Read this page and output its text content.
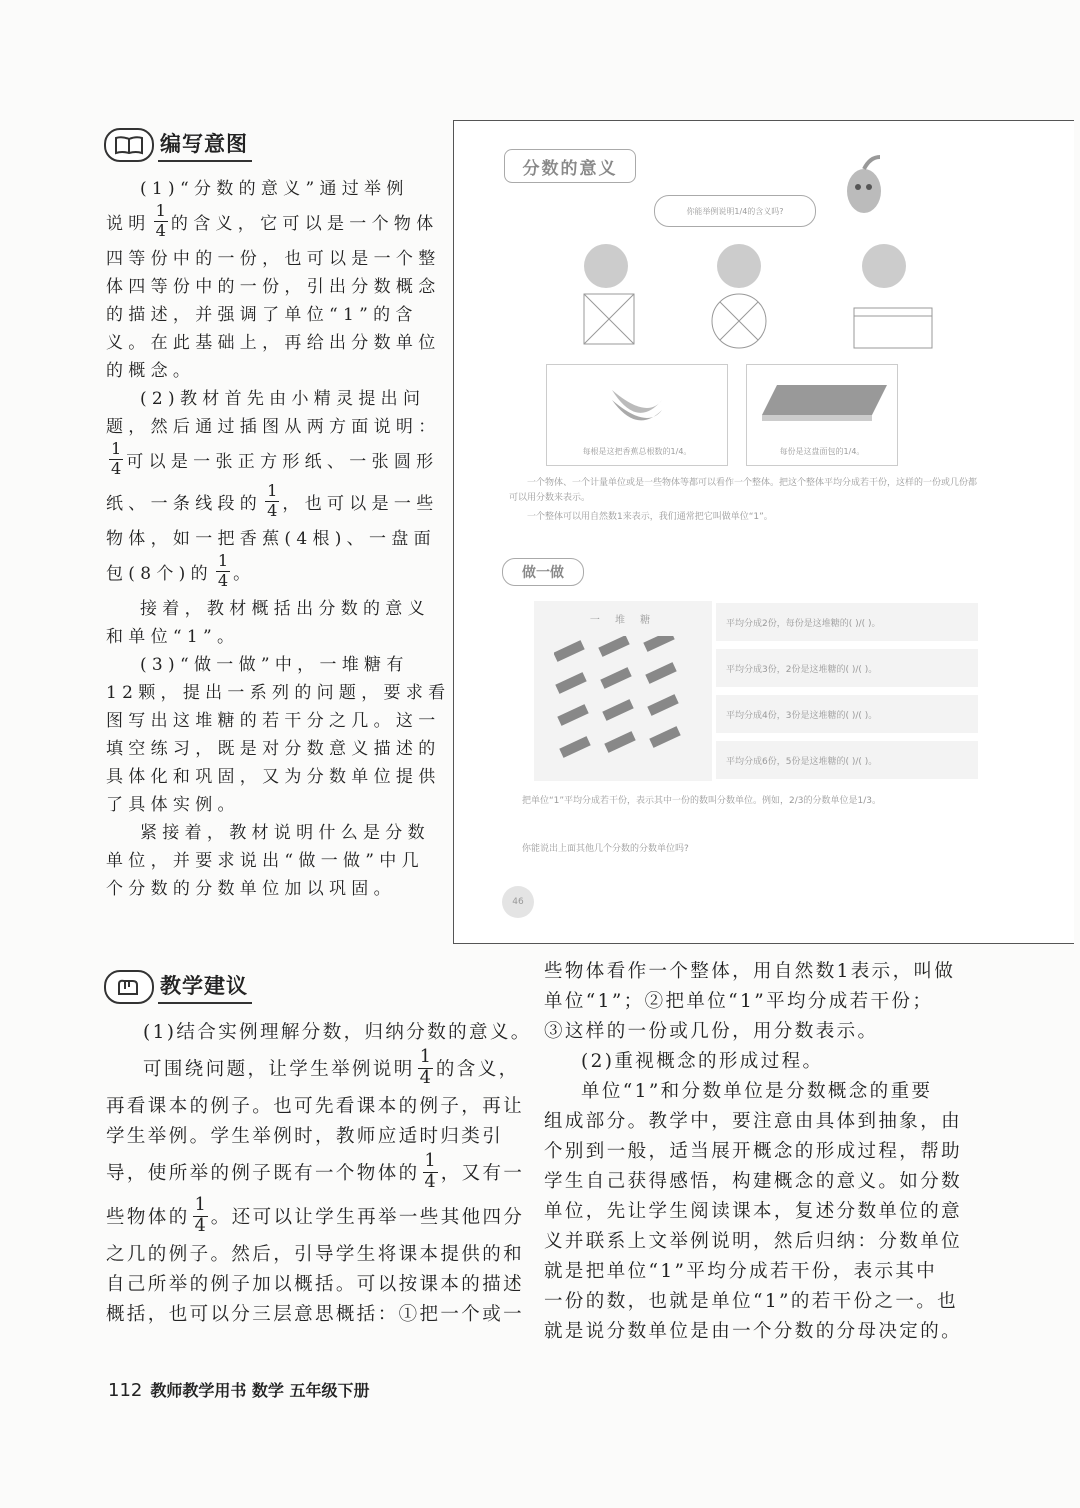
编写意图
(1)“分数的意义”通过举例
说明 $\frac{1}{4}$ 的含义，它可以是一个物体
四等份中的一份，也可以是一个整
体四等份中的一份，引出分数概念
的描述，并强调了单位“1”的含
义。在此基础上，再给出分数单位
的概念。
(2)教材首先由小精灵提出问
题，然后通过插图从两方面说明：
$\frac{1}{4}$ 可以是一张正方形纸、一张圆形
纸、一条线段的 $\frac{1}{4}$ ，也可以是一些
物体，如一把香蕉(4根)、一盘面
包(8个)的 $\frac{1}{4}$ 。
接着，教材概括出分数的意义
和单位“1”。
(3)“做一做”中，一堆糖有
12颗，提出一系列的问题，要求看
图写出这堆糖的若干分之几。这一
填空练习，既是对分数意义描述的
具体化和巩固，又为分数单位提供
了具体实例。
紧接着，教材说明什么是分数
单位，并要求说出“做一做”中几
个分数的分数单位加以巩固。
分数的意义
你能举例说明1/4的含义吗?
每根是这把香蕉总根数的1/4。	每份是这盘面包的1/4。
一个物体、一个计量单位或是一些物体等都可以看作一个整体。把这个整体平均分成若干份，这样的一份或几份都可以用分数来表示。
一个整体可以用自然数1来表示，我们通常把它叫做单位“1”。
做一做
一 堆 糖	平均分成2份，每份是这堆糖的( )/( )。
平均分成3份，2份是这堆糖的( )/( )。
平均分成4份，3份是这堆糖的( )/( )。
平均分成6份，5份是这堆糖的( )/( )。
把单位“1”平均分成若干份，表示其中一份的数叫分数单位。例如，2/3的分数单位是1/3。
你能说出上面其他几个分数的分数单位吗?
46
教学建议
(1)结合实例理解分数，归纳分数的意义。
可围绕问题，让学生举例说明 $\frac{1}{4}$ 的含义，
再看课本的例子。也可先看课本的例子，再让
学生举例。学生举例时，教师应适时归类引
导，使所举的例子既有一个物体的 $\frac{1}{4}$ ，又有一
些物体的 $\frac{1}{4}$ 。还可以让学生再举一些其他四分
之几的例子。然后，引导学生将课本提供的和
自己所举的例子加以概括。可以按课本的描述
概括，也可以分三层意思概括：①把一个或一
些物体看作一个整体，用自然数1表示，叫做
单位“1”；②把单位“1”平均分成若干份；
③这样的一份或几份，用分数表示。
(2)重视概念的形成过程。
单位“1”和分数单位是分数概念的重要
组成部分。教学中，要注意由具体到抽象，由
个别到一般，适当展开概念的形成过程，帮助
学生自己获得感悟，构建概念的意义。如分数
单位，先让学生阅读课本，复述分数单位的意
义并联系上文举例说明，然后归纳：分数单位
就是把单位“1”平均分成若干份，表示其中
一份的数，也就是单位“1”的若干份之一。也
就是说分数单位是由一个分数的分母决定的。
112 教师教学用书 数学 五年级下册
